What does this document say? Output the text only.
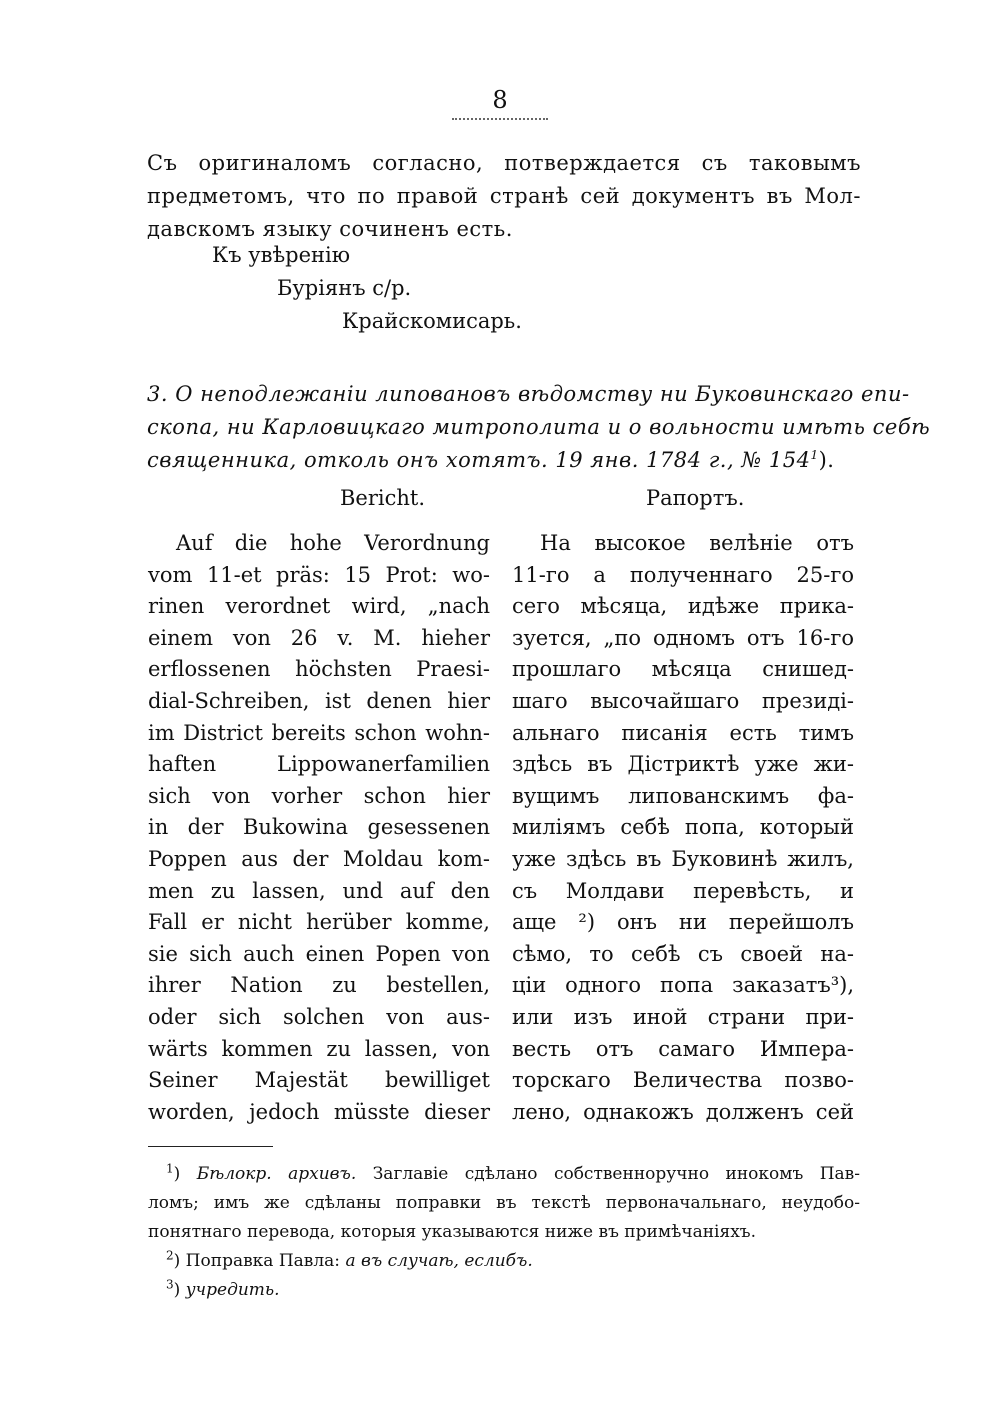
8
Съ оригиналомъ согласно, потверждается съ таковымъ
предметомъ, что по правой странѣ сей документъ въ Мол-
давскомъ языку сочиненъ есть.
Къ увѣренію
Буріянъ с/р.
Крайскомисарь.
3. О неподлежаніи липовановъ вѣдомству ни Буковинскаго епи-
скопа, ни Карловицкаго митрополита и о вольности имѣть себѣ
священника, отколь онъ хотятъ. 19 янв. 1784 г., № $154^1$).
Bericht.	Рапортъ.
Auf die hohe Verordnung
vom 11-et präs: 15 Prot: wo-
rinen verordnet wird, „nach
einem von 26 v. M. hieher
erflossenen höchsten Praesi-
dial-Schreiben, ist denen hier
im District bereits schon wohn-
haften Lippowanerfamilien
sich von vorher schon hier
in der Bukowina gesessenen
Poppen aus der Moldau kom-
men zu lassen, und auf den
Fall er nicht herüber komme,
sie sich auch einen Popen von
ihrer Nation zu bestellen,
oder sich solchen von aus-
wärts kommen zu lassen, von
Seiner Majestät bewilliget
worden, jedoch müsste dieser
На высокое велѣніе отъ
11-го а полученнаго 25-го
сего мѣсяца, идѣже прика-
зуется, „по одномъ отъ 16-го
прошлаго мѣсяца снишед-
шаго высочайшаго президі-
альнаго писанія есть тимъ
здѣсь въ Дістриктѣ уже жи-
вущимъ липованскимъ фа-
миліямъ себѣ попа, который
уже здѣсь въ Буковинѣ жилъ,
съ Молдави перевѣсть, и
аще ²) онъ ни перейшолъ
сѣмо, то себѣ съ своей на-
ціи одного попа заказатъ³),
или изъ иной страни при-
весть отъ самаго Импера-
торскаго Величества позво-
лено, однакожъ долженъ сей
$^1$) Бѣлокр. архивъ. Заглавіе сдѣлано собственноручно инокомъ Пав-
ломъ; имъ же сдѣланы поправки въ текстѣ первоначальнаго, неудобо-
понятнаго перевода, которыя указываются ниже въ примѣчаніяхъ.
$^2$) Поправка Павла: а въ случаѣ, еслибъ.
$^3$) учредить.
